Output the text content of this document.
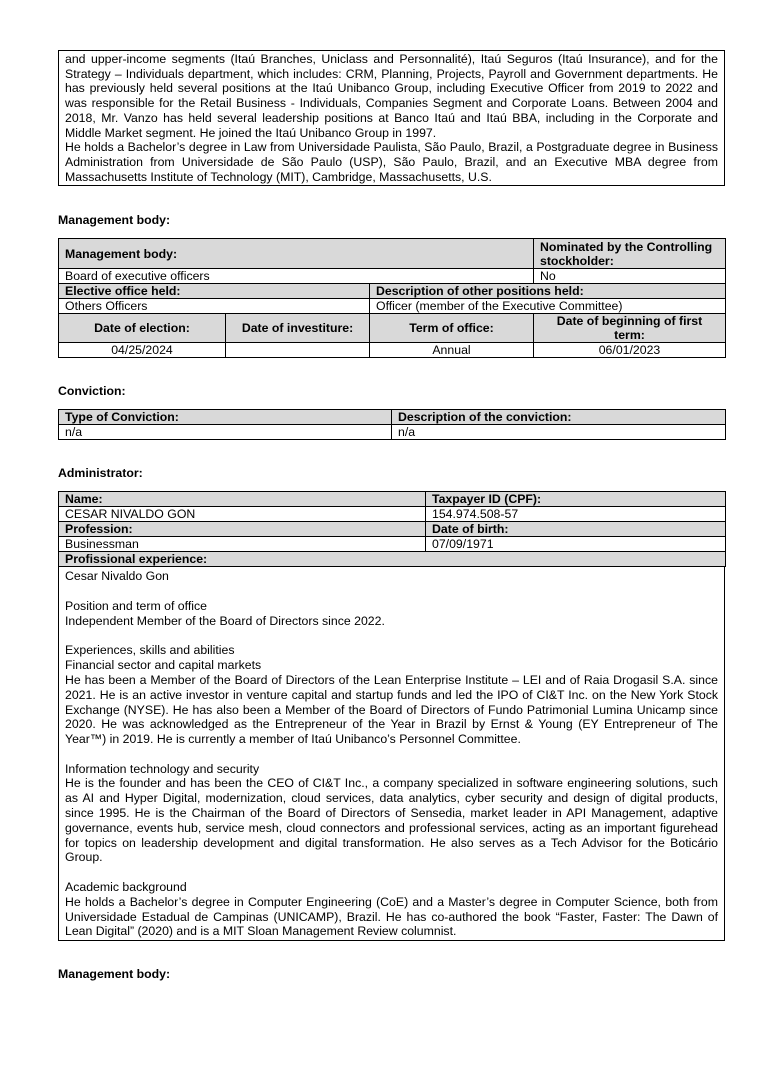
and upper-income segments (Itaú Branches, Uniclass and Personnalité), Itaú Seguros (Itaú Insurance), and for the Strategy – Individuals department, which includes: CRM, Planning, Projects, Payroll and Government departments. He has previously held several positions at the Itaú Unibanco Group, including Executive Officer from 2019 to 2022 and was responsible for the Retail Business - Individuals, Companies Segment and Corporate Loans. Between 2004 and 2018, Mr. Vanzo has held several leadership positions at Banco Itaú and Itaú BBA, including in the Corporate and Middle Market segment. He joined the Itaú Unibanco Group in 1997.

He holds a Bachelor’s degree in Law from Universidade Paulista, São Paulo, Brazil, a Postgraduate degree in Business Administration from Universidade de São Paulo (USP), São Paulo, Brazil, and an Executive MBA degree from Massachusetts Institute of Technology (MIT), Cambridge, Massachusetts, U.S.

Management body:

Management body:			Nominated by the Controlling stockholder:
Board of executive officers			No
Elective office held:		Description of other positions held:	
Others Officers		Officer (member of the Executive Committee)	
Date of election:	Date of investiture:	Term of office:	Date of beginning of first term:
04/25/2024		Annual	06/01/2023

Conviction:

Type of Conviction:	Description of the conviction:
n/a	n/a

Administrator:

Name:	Taxpayer ID (CPF):
CESAR NIVALDO GON	154.974.508-57
Profession:	Date of birth:
Businessman	07/09/1971
Profissional experience:	

Cesar Nivaldo Gon

Position and term of office

Independent Member of the Board of Directors since 2022.

Experiences, skills and abilities

Financial sector and capital markets

He has been a Member of the Board of Directors of the Lean Enterprise Institute – LEI and of Raia Drogasil S.A. since 2021. He is an active investor in venture capital and startup funds and led the IPO of CI&T Inc. on the New York Stock Exchange (NYSE). He has also been a Member of the Board of Directors of Fundo Patrimonial Lumina Unicamp since 2020. He was acknowledged as the Entrepreneur of the Year in Brazil by Ernst & Young (EY Entrepreneur of The Year™) in 2019. He is currently a member of Itaú Unibanco’s Personnel Committee.

Information technology and security

He is the founder and has been the CEO of CI&T Inc., a company specialized in software engineering solutions, such as AI and Hyper Digital, modernization, cloud services, data analytics, cyber security and design of digital products, since 1995. He is the Chairman of the Board of Directors of Sensedia, market leader in API Management, adaptive governance, events hub, service mesh, cloud connectors and professional services, acting as an important figurehead for topics on leadership development and digital transformation. He also serves as a Tech Advisor for the Boticário Group.

Academic background

He holds a Bachelor’s degree in Computer Engineering (CoE) and a Master’s degree in Computer Science, both from Universidade Estadual de Campinas (UNICAMP), Brazil. He has co-authored the book “Faster, Faster: The Dawn of Lean Digital” (2020) and is a MIT Sloan Management Review columnist.

Management body:
